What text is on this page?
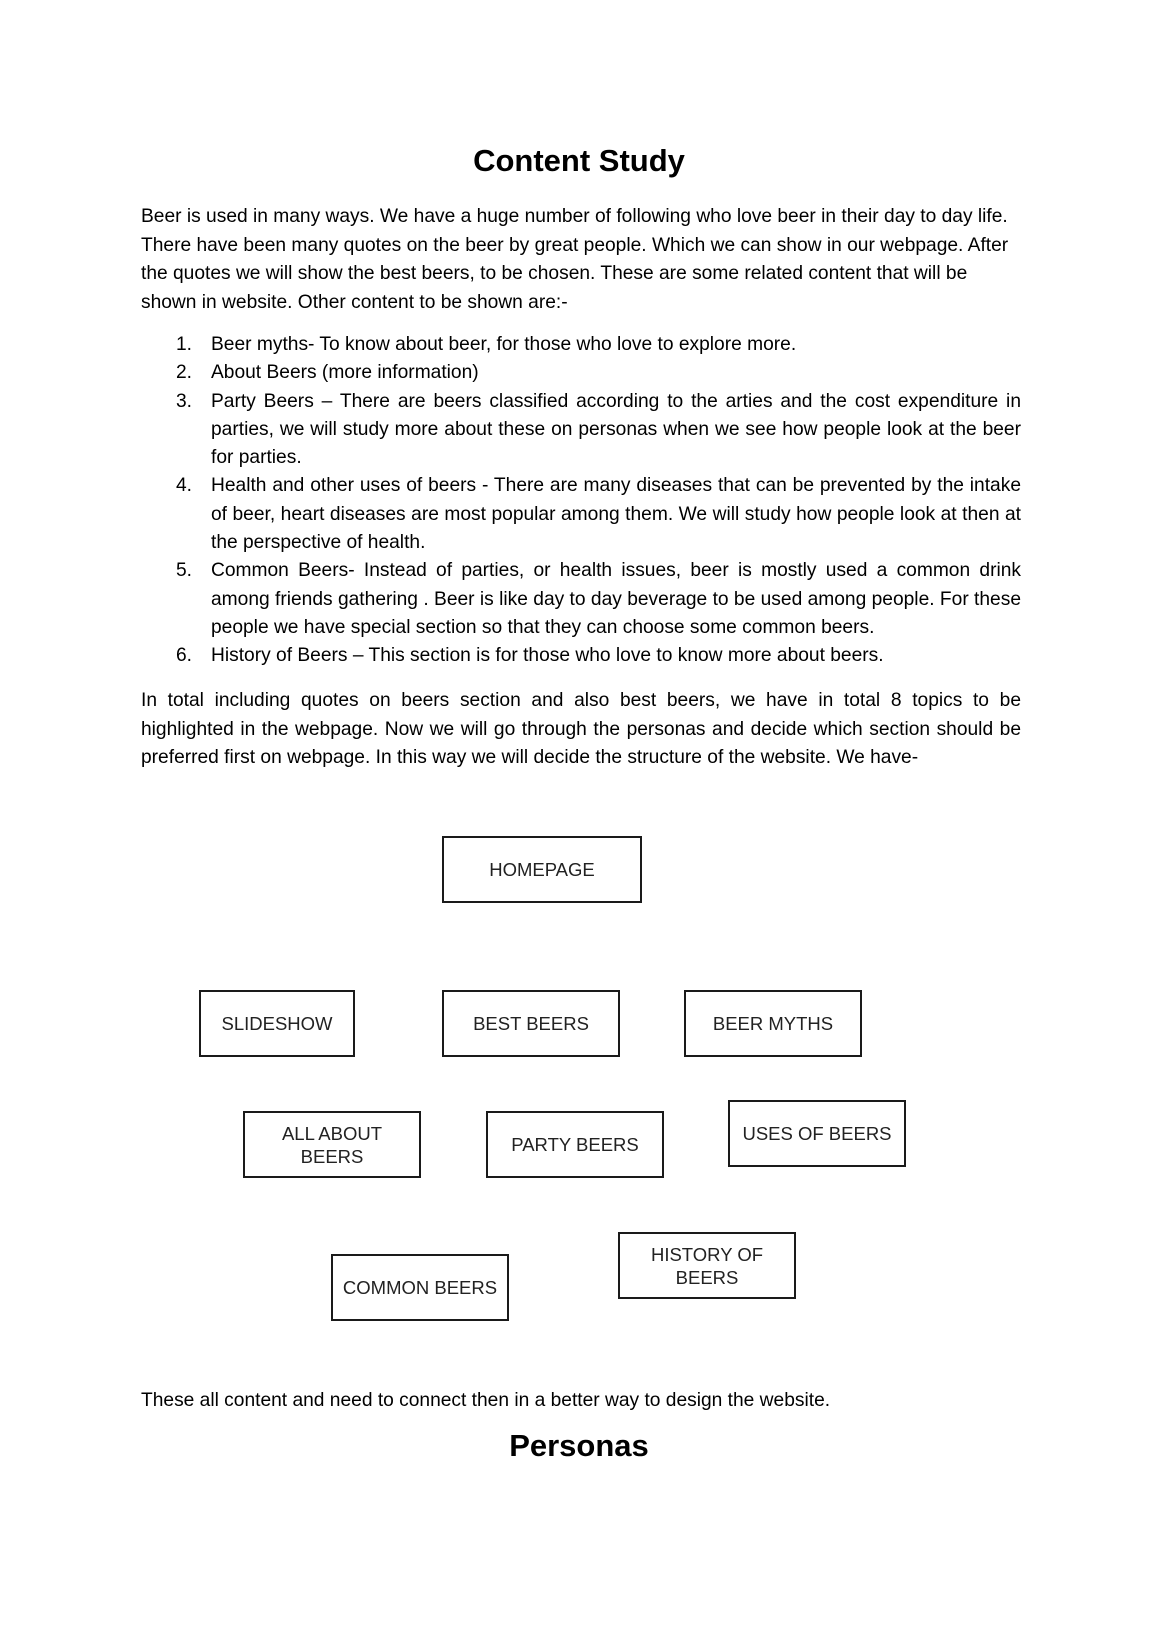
Content Study

Beer is used in many ways. We have a huge number of following who love beer in their day to day life. There have been many quotes on the beer by great people. Which we can show in our webpage. After the quotes we will show the best beers, to be chosen. These are some related content that will be shown in website. Other content to be shown are:-

1. Beer myths- To know about beer, for those who love to explore more.
2. About Beers (more information)
3. Party Beers – There are beers classified according to the arties and the cost expenditure in parties, we will study more about these on personas when we see how people look at the beer for parties.
4. Health and other uses of beers - There are many diseases that can be prevented by the intake of beer, heart diseases are most popular among them. We will study how people look at then at the perspective of health.
5. Common Beers- Instead of parties, or health issues, beer is mostly used a common drink among friends gathering . Beer is like day to day beverage to be used among people. For these people we have special section so that they can choose some common beers.
6. History of Beers – This section is for those who love to know more about beers.

In total including quotes on beers section and also best beers, we have in total 8 topics to be highlighted in the webpage. Now we will go through the personas and decide which section should be preferred first on webpage. In this way we will decide the structure of the website. We have-

HOMEPAGE
SLIDESHOW	BEST BEERS	BEER MYTHS
ALL ABOUT
BEERS
PARTY BEERS
USES OF BEERS
COMMON BEERS
HISTORY OF
BEERS

These all content and need to connect then in a better way to design the website.

Personas
